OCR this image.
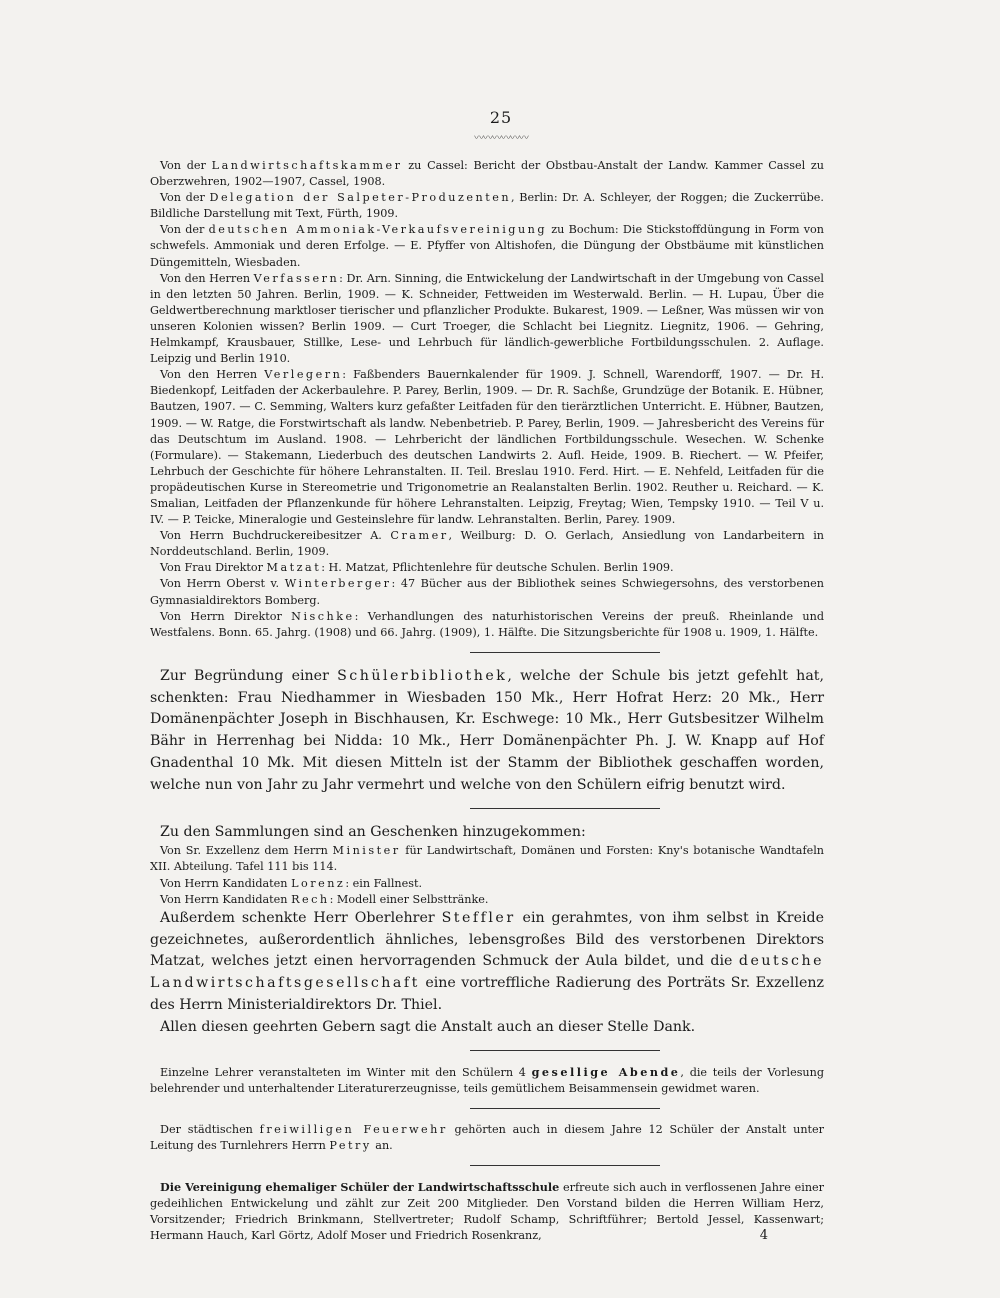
25
〰〰〰〰〰〰

Von der Landwirtschaftskammer zu Cassel: Bericht der Obstbau-Anstalt der Landw. Kammer Cassel zu Oberzwehren, 1902—1907, Cassel, 1908.

Von der Delegation der Salpeter-Produzenten, Berlin: Dr. A. Schleyer, der Roggen; die Zuckerrübe. Bildliche Darstellung mit Text, Fürth, 1909.

Von der deutschen Ammoniak-Verkaufsvereinigung zu Bochum: Die Stickstoffdüngung in Form von schwefels. Ammoniak und deren Erfolge. — E. Pfyffer von Altishofen, die Düngung der Obstbäume mit künstlichen Düngemitteln, Wiesbaden.

Von den Herren Verfassern: Dr. Arn. Sinning, die Entwickelung der Landwirtschaft in der Umgebung von Cassel in den letzten 50 Jahren. Berlin, 1909. — K. Schneider, Fettweiden im Westerwald. Berlin. — H. Lupau, Über die Geldwertberechnung marktloser tierischer und pflanzlicher Produkte. Bukarest, 1909. — Leßner, Was müssen wir von unseren Kolonien wissen? Berlin 1909. — Curt Troeger, die Schlacht bei Liegnitz. Liegnitz, 1906. — Gehring, Helmkampf, Krausbauer, Stillke, Lese- und Lehrbuch für ländlich-gewerbliche Fortbildungsschulen. 2. Auflage. Leipzig und Berlin 1910.

Von den Herren Verlegern: Faßbenders Bauernkalender für 1909. J. Schnell, Warendorff, 1907. — Dr. H. Biedenkopf, Leitfaden der Ackerbaulehre. P. Parey, Berlin, 1909. — Dr. R. Sachße, Grundzüge der Botanik. E. Hübner, Bautzen, 1907. — C. Semming, Walters kurz gefaßter Leitfaden für den tierärztlichen Unterricht. E. Hübner, Bautzen, 1909. — W. Ratge, die Forstwirtschaft als landw. Nebenbetrieb. P. Parey, Berlin, 1909. — Jahresbericht des Vereins für das Deutschtum im Ausland. 1908. — Lehrbericht der ländlichen Fortbildungsschule. Wesechen. W. Schenke (Formulare). — Stakemann, Liederbuch des deutschen Landwirts 2. Aufl. Heide, 1909. B. Riechert. — W. Pfeifer, Lehrbuch der Geschichte für höhere Lehranstalten. II. Teil. Breslau 1910. Ferd. Hirt. — E. Nehfeld, Leitfaden für die propädeutischen Kurse in Stereometrie und Trigonometrie an Realanstalten Berlin. 1902. Reuther u. Reichard. — K. Smalian, Leitfaden der Pflanzenkunde für höhere Lehranstalten. Leipzig, Freytag; Wien, Tempsky 1910. — Teil V u. IV. — P. Teicke, Mineralogie und Gesteinslehre für landw. Lehranstalten. Berlin, Parey. 1909.

Von Herrn Buchdruckereibesitzer A. Cramer, Weilburg: D. O. Gerlach, Ansiedlung von Landarbeitern in Norddeutschland. Berlin, 1909.

Von Frau Direktor Matzat: H. Matzat, Pflichtenlehre für deutsche Schulen. Berlin 1909.

Von Herrn Oberst v. Winterberger: 47 Bücher aus der Bibliothek seines Schwiegersohns, des verstorbenen Gymnasialdirektors Bomberg.

Von Herrn Direktor Nischke: Verhandlungen des naturhistorischen Vereins der preuß. Rheinlande und Westfalens. Bonn. 65. Jahrg. (1908) und 66. Jahrg. (1909), 1. Hälfte. Die Sitzungsberichte für 1908 u. 1909, 1. Hälfte.

Zur Begründung einer Schülerbibliothek, welche der Schule bis jetzt gefehlt hat, schenkten: Frau Niedhammer in Wiesbaden 150 Mk., Herr Hofrat Herz: 20 Mk., Herr Domänenpächter Joseph in Bischhausen, Kr. Eschwege: 10 Mk., Herr Gutsbesitzer Wilhelm Bähr in Herrenhag bei Nidda: 10 Mk., Herr Domänenpächter Ph. J. W. Knapp auf Hof Gnadenthal 10 Mk. Mit diesen Mitteln ist der Stamm der Bibliothek geschaffen worden, welche nun von Jahr zu Jahr vermehrt und welche von den Schülern eifrig benutzt wird.

Zu den Sammlungen sind an Geschenken hinzugekommen:

Von Sr. Exzellenz dem Herrn Minister für Landwirtschaft, Domänen und Forsten: Kny's botanische Wandtafeln XII. Abteilung. Tafel 111 bis 114.

Von Herrn Kandidaten Lorenz: ein Fallnest.

Von Herrn Kandidaten Rech: Modell einer Selbsttränke.

Außerdem schenkte Herr Oberlehrer Steffler ein gerahmtes, von ihm selbst in Kreide gezeichnetes, außerordentlich ähnliches, lebensgroßes Bild des verstorbenen Direktors Matzat, welches jetzt einen hervorragenden Schmuck der Aula bildet, und die deutsche Landwirtschaftsgesellschaft eine vortreffliche Radierung des Porträts Sr. Exzellenz des Herrn Ministerialdirektors Dr. Thiel.

Allen diesen geehrten Gebern sagt die Anstalt auch an dieser Stelle Dank.

Einzelne Lehrer veranstalteten im Winter mit den Schülern 4 gesellige Abende, die teils der Vorlesung belehrender und unterhaltender Literaturerzeugnisse, teils gemütlichem Beisammensein gewidmet waren.

Der städtischen freiwilligen Feuerwehr gehörten auch in diesem Jahre 12 Schüler der Anstalt unter Leitung des Turnlehrers Herrn Petry an.

Die Vereinigung ehemaliger Schüler der Landwirtschaftsschule erfreute sich auch in verflossenen Jahre einer gedeihlichen Entwickelung und zählt zur Zeit 200 Mitglieder. Den Vorstand bilden die Herren William Herz, Vorsitzender; Friedrich Brinkmann, Stellvertreter; Rudolf Schamp, Schriftführer; Bertold Jessel, Kassenwart; Hermann Hauch, Karl Görtz, Adolf Moser und Friedrich Rosenkranz,	4
